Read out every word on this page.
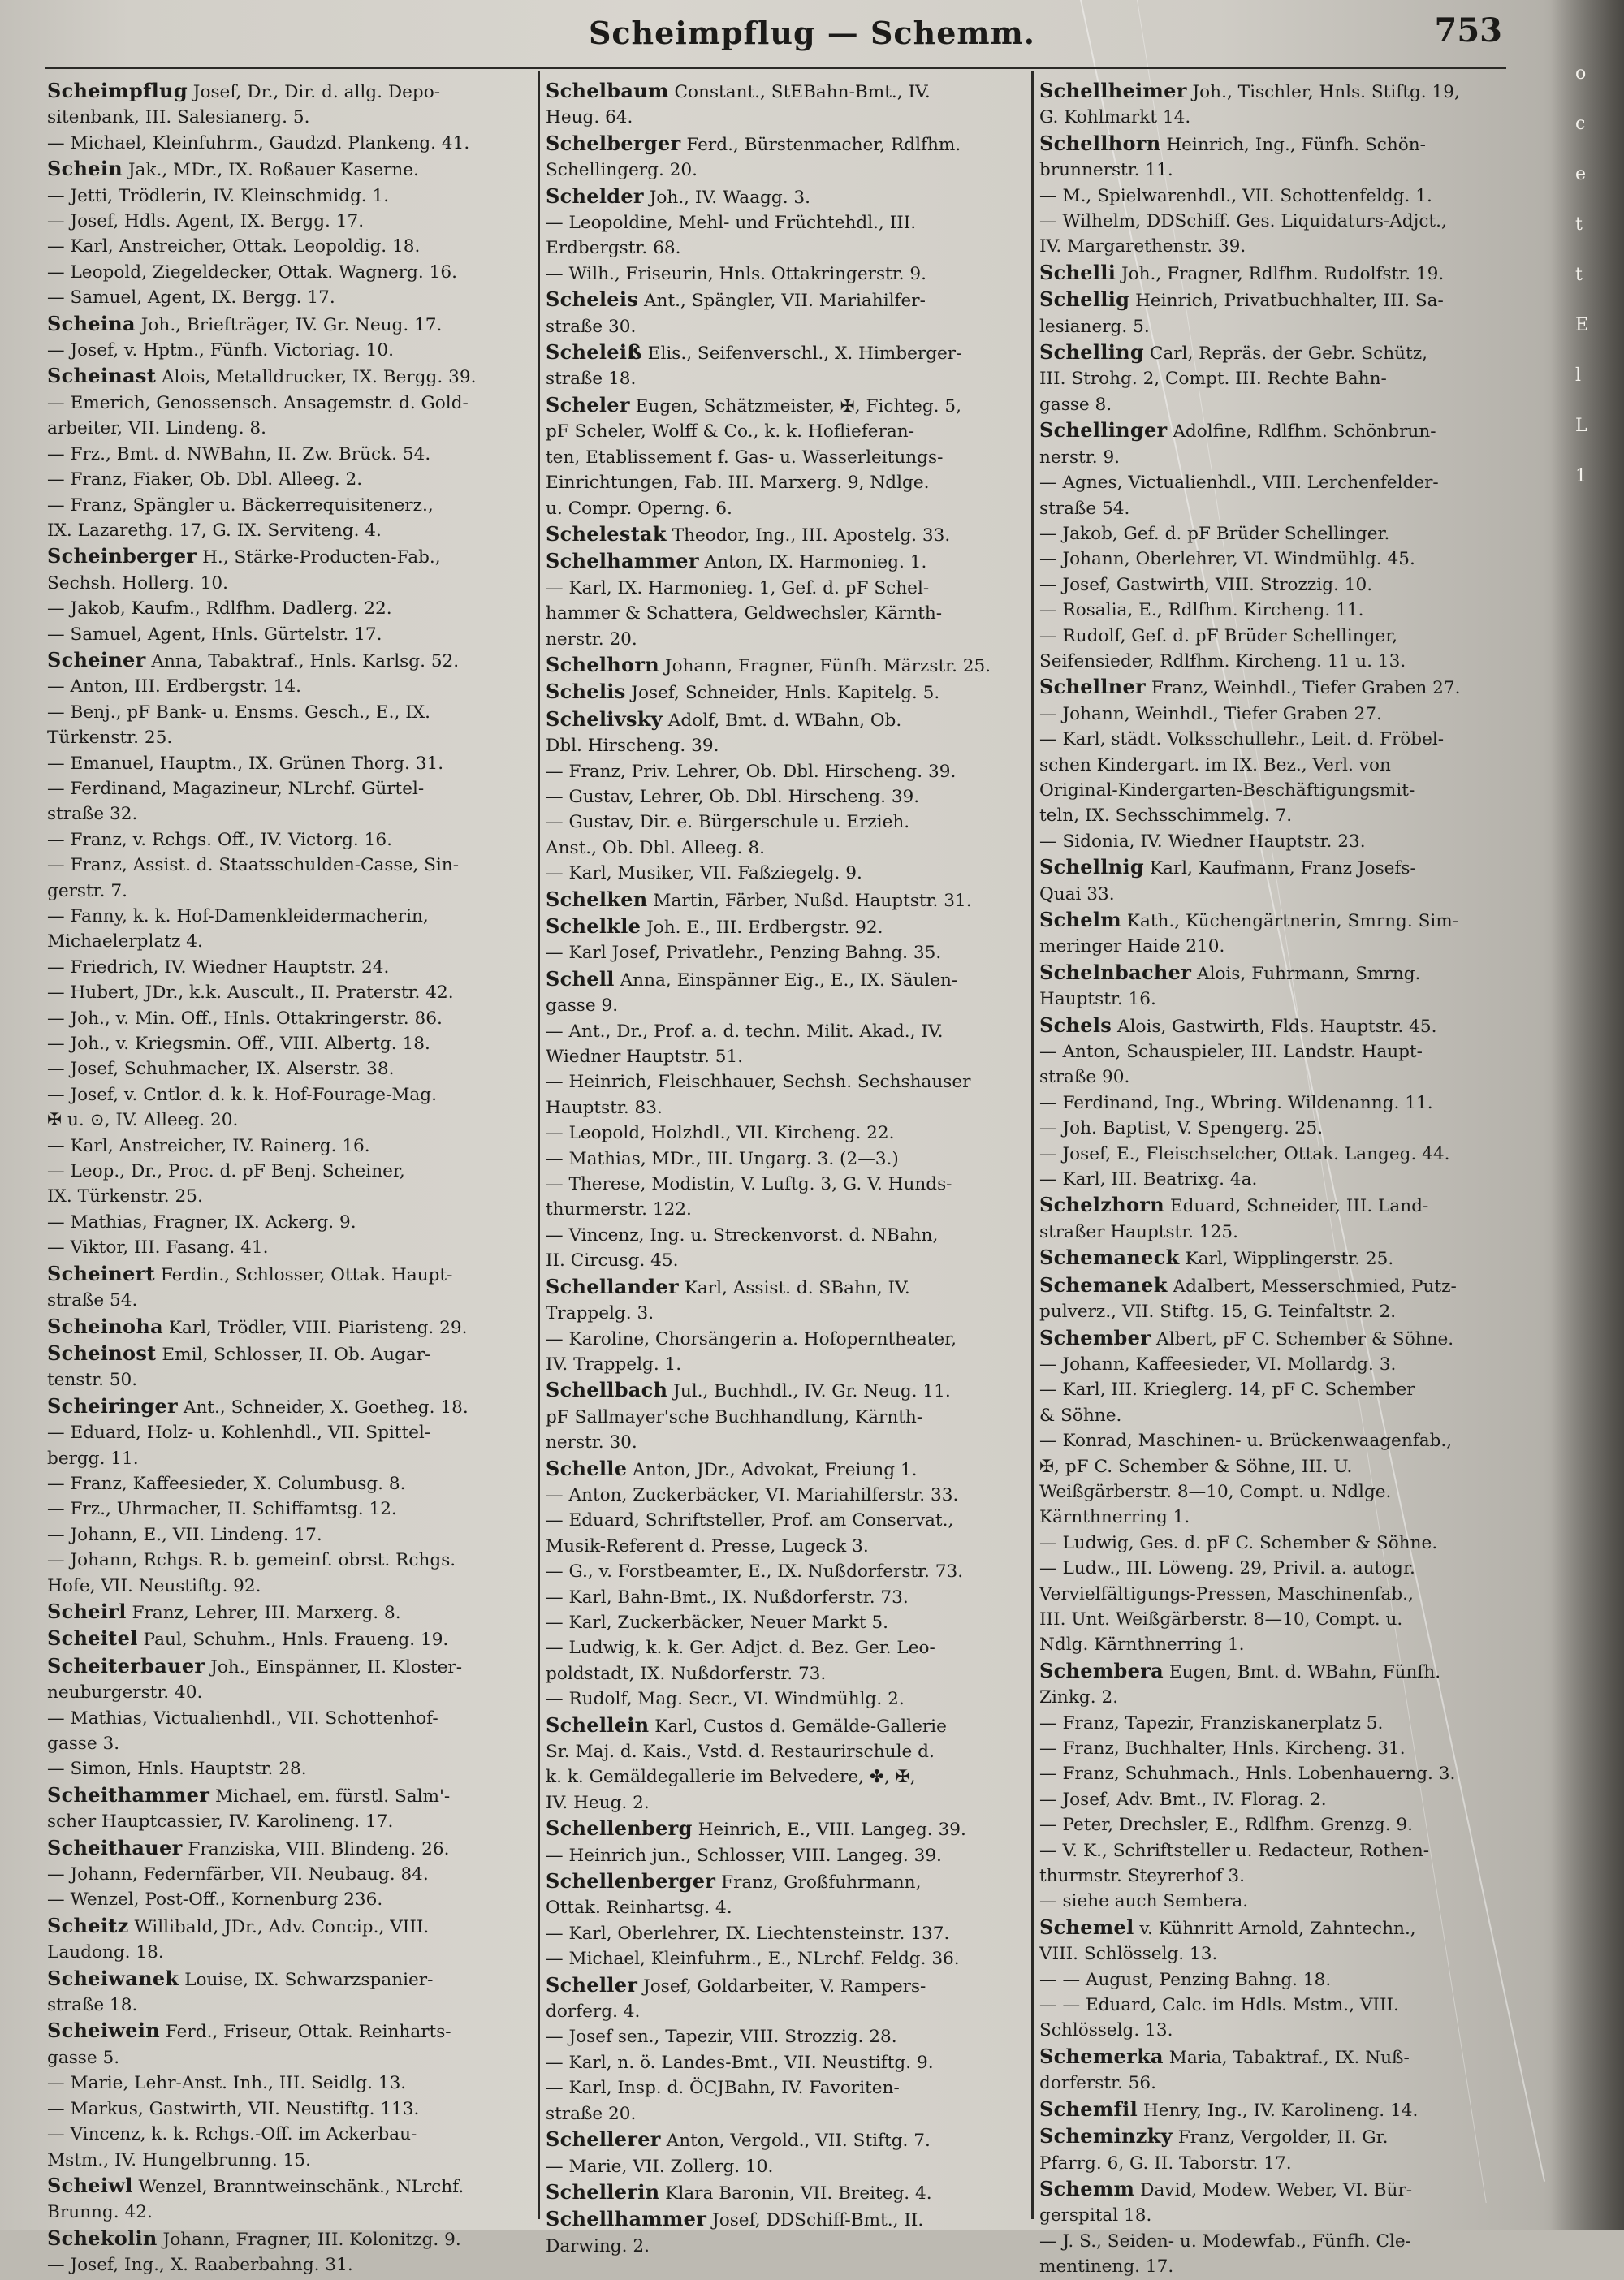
Scheimpflug — Schemm.	753
Scheimpflug Josef, Dr., Dir. d. allg. Depo-
sitenbank, III. Salesianerg. 5.
— Michael, Kleinfuhrm., Gaudzd. Plankeng. 41.
Schein Jak., MDr., IX. Roßauer Kaserne.
— Jetti, Trödlerin, IV. Kleinschmidg. 1.
— Josef, Hdls. Agent, IX. Bergg. 17.
— Karl, Anstreicher, Ottak. Leopoldig. 18.
— Leopold, Ziegeldecker, Ottak. Wagnerg. 16.
— Samuel, Agent, IX. Bergg. 17.
Scheina Joh., Briefträger, IV. Gr. Neug. 17.
— Josef, v. Hptm., Fünfh. Victoriag. 10.
Scheinast Alois, Metalldrucker, IX. Bergg. 39.
— Emerich, Genossensch. Ansagemstr. d. Gold-
arbeiter, VII. Lindeng. 8.
— Frz., Bmt. d. NWBahn, II. Zw. Brück. 54.
— Franz, Fiaker, Ob. Dbl. Alleeg. 2.
— Franz, Spängler u. Bäckerrequisitenerz.,
IX. Lazarethg. 17, G. IX. Serviteng. 4.
Scheinberger H., Stärke-Producten-Fab.,
Sechsh. Hollerg. 10.
— Jakob, Kaufm., Rdlfhm. Dadlerg. 22.
— Samuel, Agent, Hnls. Gürtelstr. 17.
Scheiner Anna, Tabaktraf., Hnls. Karlsg. 52.
— Anton, III. Erdbergstr. 14.
— Benj., pF Bank- u. Ensms. Gesch., E., IX.
Türkenstr. 25.
— Emanuel, Hauptm., IX. Grünen Thorg. 31.
— Ferdinand, Magazineur, NLrchf. Gürtel-
straße 32.
— Franz, v. Rchgs. Off., IV. Victorg. 16.
— Franz, Assist. d. Staatsschulden-Casse, Sin-
gerstr. 7.
— Fanny, k. k. Hof-Damenkleidermacherin,
Michaelerplatz 4.
— Friedrich, IV. Wiedner Hauptstr. 24.
— Hubert, JDr., k.k. Auscult., II. Praterstr. 42.
— Joh., v. Min. Off., Hnls. Ottakringerstr. 86.
— Joh., v. Kriegsmin. Off., VIII. Albertg. 18.
— Josef, Schuhmacher, IX. Alserstr. 38.
— Josef, v. Cntlor. d. k. k. Hof-Fourage-Mag.
✠ u. ⊙, IV. Alleeg. 20.
— Karl, Anstreicher, IV. Rainerg. 16.
— Leop., Dr., Proc. d. pF Benj. Scheiner,
IX. Türkenstr. 25.
— Mathias, Fragner, IX. Ackerg. 9.
— Viktor, III. Fasang. 41.
Scheinert Ferdin., Schlosser, Ottak. Haupt-
straße 54.
Scheinoha Karl, Trödler, VIII. Piaristeng. 29.
Scheinost Emil, Schlosser, II. Ob. Augar-
tenstr. 50.
Scheiringer Ant., Schneider, X. Goetheg. 18.
— Eduard, Holz- u. Kohlenhdl., VII. Spittel-
bergg. 11.
— Franz, Kaffeesieder, X. Columbusg. 8.
— Frz., Uhrmacher, II. Schiffamtsg. 12.
— Johann, E., VII. Lindeng. 17.
— Johann, Rchgs. R. b. gemeinf. obrst. Rchgs.
Hofe, VII. Neustiftg. 92.
Scheirl Franz, Lehrer, III. Marxerg. 8.
Scheitel Paul, Schuhm., Hnls. Fraueng. 19.
Scheiterbauer Joh., Einspänner, II. Kloster-
neuburgerstr. 40.
— Mathias, Victualienhdl., VII. Schottenhof-
gasse 3.
— Simon, Hnls. Hauptstr. 28.
Scheithammer Michael, em. fürstl. Salm'-
scher Hauptcassier, IV. Karolineng. 17.
Scheithauer Franziska, VIII. Blindeng. 26.
— Johann, Federnfärber, VII. Neubaug. 84.
— Wenzel, Post-Off., Kornenburg 236.
Scheitz Willibald, JDr., Adv. Concip., VIII.
Laudong. 18.
Scheiwanek Louise, IX. Schwarzspanier-
straße 18.
Scheiwein Ferd., Friseur, Ottak. Reinharts-
gasse 5.
— Marie, Lehr-Anst. Inh., III. Seidlg. 13.
— Markus, Gastwirth, VII. Neustiftg. 113.
— Vincenz, k. k. Rchgs.-Off. im Ackerbau-
Mstm., IV. Hungelbrunng. 15.
Scheiwl Wenzel, Branntweinschänk., NLrchf.
Brunng. 42.
Schekolin Johann, Fragner, III. Kolonitzg. 9.
— Josef, Ing., X. Raaberbahng. 31.
Schelbaum Constant., StEBahn-Bmt., IV.
Heug. 64.
Schelberger Ferd., Bürstenmacher, Rdlfhm.
Schellingerg. 20.
Schelder Joh., IV. Waagg. 3.
— Leopoldine, Mehl- und Früchtehdl., III.
Erdbergstr. 68.
— Wilh., Friseurin, Hnls. Ottakringerstr. 9.
Scheleis Ant., Spängler, VII. Mariahilfer-
straße 30.
Scheleiß Elis., Seifenverschl., X. Himberger-
straße 18.
Scheler Eugen, Schätzmeister, ✠, Fichteg. 5,
pF Scheler, Wolff & Co., k. k. Hoflieferan-
ten, Etablissement f. Gas- u. Wasserleitungs-
Einrichtungen, Fab. III. Marxerg. 9, Ndlge.
u. Compr. Operng. 6.
Schelestak Theodor, Ing., III. Apostelg. 33.
Schelhammer Anton, IX. Harmonieg. 1.
— Karl, IX. Harmonieg. 1, Gef. d. pF Schel-
hammer & Schattera, Geldwechsler, Kärnth-
nerstr. 20.
Schelhorn Johann, Fragner, Fünfh. Märzstr. 25.
Schelis Josef, Schneider, Hnls. Kapitelg. 5.
Schelivsky Adolf, Bmt. d. WBahn, Ob.
Dbl. Hirscheng. 39.
— Franz, Priv. Lehrer, Ob. Dbl. Hirscheng. 39.
— Gustav, Lehrer, Ob. Dbl. Hirscheng. 39.
— Gustav, Dir. e. Bürgerschule u. Erzieh.
Anst., Ob. Dbl. Alleeg. 8.
— Karl, Musiker, VII. Faßziegelg. 9.
Schelken Martin, Färber, Nußd. Hauptstr. 31.
Schelkle Joh. E., III. Erdbergstr. 92.
— Karl Josef, Privatlehr., Penzing Bahng. 35.
Schell Anna, Einspänner Eig., E., IX. Säulen-
gasse 9.
— Ant., Dr., Prof. a. d. techn. Milit. Akad., IV.
Wiedner Hauptstr. 51.
— Heinrich, Fleischhauer, Sechsh. Sechshauser
Hauptstr. 83.
— Leopold, Holzhdl., VII. Kircheng. 22.
— Mathias, MDr., III. Ungarg. 3. (2—3.)
— Therese, Modistin, V. Luftg. 3, G. V. Hunds-
thurmerstr. 122.
— Vincenz, Ing. u. Streckenvorst. d. NBahn,
II. Circusg. 45.
Schellander Karl, Assist. d. SBahn, IV.
Trappelg. 3.
— Karoline, Chorsängerin a. Hofoperntheater,
IV. Trappelg. 1.
Schellbach Jul., Buchhdl., IV. Gr. Neug. 11.
pF Sallmayer'sche Buchhandlung, Kärnth-
nerstr. 30.
Schelle Anton, JDr., Advokat, Freiung 1.
— Anton, Zuckerbäcker, VI. Mariahilferstr. 33.
— Eduard, Schriftsteller, Prof. am Conservat.,
Musik-Referent d. Presse, Lugeck 3.
— G., v. Forstbeamter, E., IX. Nußdorferstr. 73.
— Karl, Bahn-Bmt., IX. Nußdorferstr. 73.
— Karl, Zuckerbäcker, Neuer Markt 5.
— Ludwig, k. k. Ger. Adjct. d. Bez. Ger. Leo-
poldstadt, IX. Nußdorferstr. 73.
— Rudolf, Mag. Secr., VI. Windmühlg. 2.
Schellein Karl, Custos d. Gemälde-Gallerie
Sr. Maj. d. Kais., Vstd. d. Restaurirschule d.
k. k. Gemäldegallerie im Belvedere, ✤, ✠,
IV. Heug. 2.
Schellenberg Heinrich, E., VIII. Langeg. 39.
— Heinrich jun., Schlosser, VIII. Langeg. 39.
Schellenberger Franz, Großfuhrmann,
Ottak. Reinhartsg. 4.
— Karl, Oberlehrer, IX. Liechtensteinstr. 137.
— Michael, Kleinfuhrm., E., NLrchf. Feldg. 36.
Scheller Josef, Goldarbeiter, V. Rampers-
dorferg. 4.
— Josef sen., Tapezir, VIII. Strozzig. 28.
— Karl, n. ö. Landes-Bmt., VII. Neustiftg. 9.
— Karl, Insp. d. ÖCJBahn, IV. Favoriten-
straße 20.
Schellerer Anton, Vergold., VII. Stiftg. 7.
— Marie, VII. Zollerg. 10.
Schellerin Klara Baronin, VII. Breiteg. 4.
Schellhammer Josef, DDSchiff-Bmt., II.
Darwing. 2.
Schellheimer Joh., Tischler, Hnls. Stiftg. 19,
G. Kohlmarkt 14.
Schellhorn Heinrich, Ing., Fünfh. Schön-
brunnerstr. 11.
— M., Spielwarenhdl., VII. Schottenfeldg. 1.
— Wilhelm, DDSchiff. Ges. Liquidaturs-Adjct.,
IV. Margarethenstr. 39.
Schelli Joh., Fragner, Rdlfhm. Rudolfstr. 19.
Schellig Heinrich, Privatbuchhalter, III. Sa-
lesianerg. 5.
Schelling Carl, Repräs. der Gebr. Schütz,
III. Strohg. 2, Compt. III. Rechte Bahn-
gasse 8.
Schellinger Adolfine, Rdlfhm. Schönbrun-
nerstr. 9.
— Agnes, Victualienhdl., VIII. Lerchenfelder-
straße 54.
— Jakob, Gef. d. pF Brüder Schellinger.
— Johann, Oberlehrer, VI. Windmühlg. 45.
— Josef, Gastwirth, VIII. Strozzig. 10.
— Rosalia, E., Rdlfhm. Kircheng. 11.
— Rudolf, Gef. d. pF Brüder Schellinger,
Seifensieder, Rdlfhm. Kircheng. 11 u. 13.
Schellner Franz, Weinhdl., Tiefer Graben 27.
— Johann, Weinhdl., Tiefer Graben 27.
— Karl, städt. Volksschullehr., Leit. d. Fröbel-
schen Kindergart. im IX. Bez., Verl. von
Original-Kindergarten-Beschäftigungsmit-
teln, IX. Sechsschimmelg. 7.
— Sidonia, IV. Wiedner Hauptstr. 23.
Schellnig Karl, Kaufmann, Franz Josefs-
Quai 33.
Schelm Kath., Küchengärtnerin, Smrng. Sim-
meringer Haide 210.
Schelnbacher Alois, Fuhrmann, Smrng.
Hauptstr. 16.
Schels Alois, Gastwirth, Flds. Hauptstr. 45.
— Anton, Schauspieler, III. Landstr. Haupt-
straße 90.
— Ferdinand, Ing., Wbring. Wildenanng. 11.
— Joh. Baptist, V. Spengerg. 25.
— Josef, E., Fleischselcher, Ottak. Langeg. 44.
— Karl, III. Beatrixg. 4a.
Schelzhorn Eduard, Schneider, III. Land-
straßer Hauptstr. 125.
Schemaneck Karl, Wipplingerstr. 25.
Schemanek Adalbert, Messerschmied, Putz-
pulverz., VII. Stiftg. 15, G. Teinfaltstr. 2.
Schember Albert, pF C. Schember & Söhne.
— Johann, Kaffeesieder, VI. Mollardg. 3.
— Karl, III. Krieglerg. 14, pF C. Schember
& Söhne.
— Konrad, Maschinen- u. Brückenwaagenfab.,
✠, pF C. Schember & Söhne, III. U.
Weißgärberstr. 8—10, Compt. u. Ndlge.
Kärnthnerring 1.
— Ludwig, Ges. d. pF C. Schember & Söhne.
— Ludw., III. Löweng. 29, Privil. a. autogr.
Vervielfältigungs-Pressen, Maschinenfab.,
III. Unt. Weißgärberstr. 8—10, Compt. u.
Ndlg. Kärnthnerring 1.
Schembera Eugen, Bmt. d. WBahn, Fünfh.
Zinkg. 2.
— Franz, Tapezir, Franziskanerplatz 5.
— Franz, Buchhalter, Hnls. Kircheng. 31.
— Franz, Schuhmach., Hnls. Lobenhauerng. 3.
— Josef, Adv. Bmt., IV. Florag. 2.
— Peter, Drechsler, E., Rdlfhm. Grenzg. 9.
— V. K., Schriftsteller u. Redacteur, Rothen-
thurmstr. Steyrerhof 3.
— siehe auch Sembera.
Schemel v. Kühnritt Arnold, Zahntechn.,
VIII. Schlösselg. 13.
— — August, Penzing Bahng. 18.
— — Eduard, Calc. im Hdls. Mstm., VIII.
Schlösselg. 13.
Schemerka Maria, Tabaktraf., IX. Nuß-
dorferstr. 56.
Schemfil Henry, Ing., IV. Karolineng. 14.
Scheminzky Franz, Vergolder, II. Gr.
Pfarrg. 6, G. II. Taborstr. 17.
Schemm David, Modew. Weber, VI. Bür-
gerspital 18.
— J. S., Seiden- u. Modewfab., Fünfh. Cle-
mentineng. 17.
o
c
e
t
t
E
l
L
1
